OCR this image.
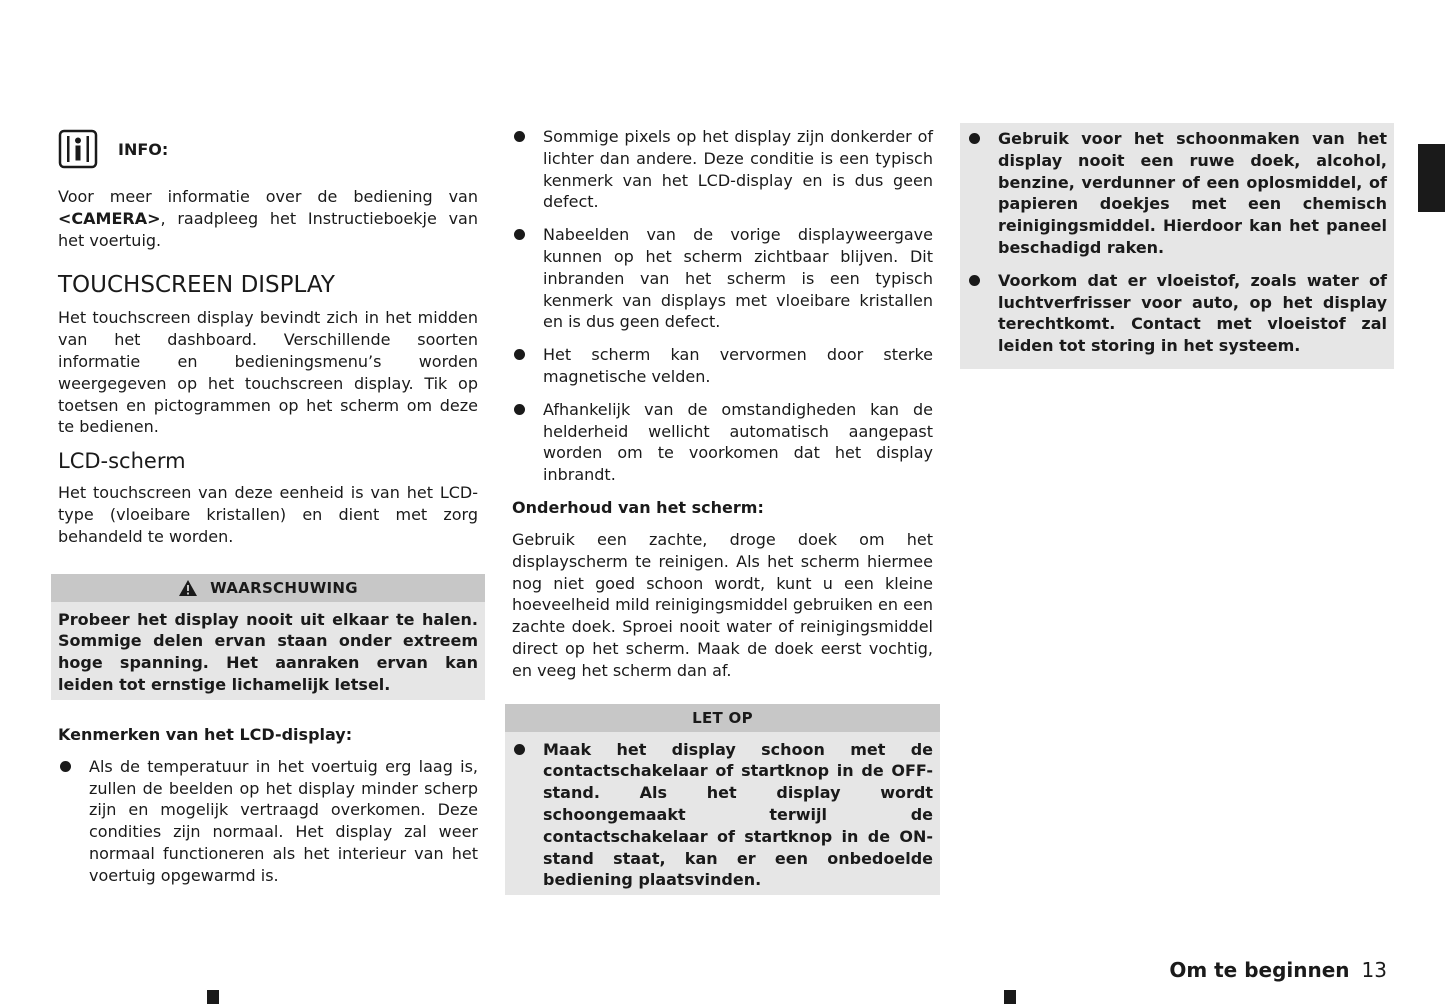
INFO:

Voor meer informatie over de bediening van <CAMERA>, raadpleeg het Instructieboekje van het voertuig.

TOUCHSCREEN DISPLAY

Het touchscreen display bevindt zich in het midden van het dashboard. Verschillende soorten informatie en bedieningsmenu’s worden weergegeven op het touchscreen display. Tik op toetsen en pictogrammen op het scherm om deze te bedienen.

LCD-scherm

Het touchscreen van deze eenheid is van het LCD-type (vloeibare kristallen) en dient met zorg behandeld te worden.

WAARSCHUWING

Probeer het display nooit uit elkaar te halen. Sommige delen ervan staan onder extreem hoge spanning. Het aanraken ervan kan leiden tot ernstige lichamelijk letsel.

Kenmerken van het LCD-display:

Als de temperatuur in het voertuig erg laag is, zullen de beelden op het display minder scherp zijn en mogelijk vertraagd overkomen. Deze condities zijn normaal. Het display zal weer normaal functioneren als het interieur van het voertuig opgewarmd is.

Sommige pixels op het display zijn donkerder of lichter dan andere. Deze conditie is een typisch kenmerk van het LCD-display en is dus geen defect.

Nabeelden van de vorige displayweergave kunnen op het scherm zichtbaar blijven. Dit inbranden van het scherm is een typisch kenmerk van displays met vloeibare kristallen en is dus geen defect.

Het scherm kan vervormen door sterke magnetische velden.

Afhankelijk van de omstandigheden kan de helderheid wellicht automatisch aangepast worden om te voorkomen dat het display inbrandt.

Onderhoud van het scherm:

Gebruik een zachte, droge doek om het displayscherm te reinigen. Als het scherm hiermee nog niet goed schoon wordt, kunt u een kleine hoeveelheid mild reinigingsmiddel gebruiken en een zachte doek. Sproei nooit water of reinigingsmiddel direct op het scherm. Maak de doek eerst vochtig, en veeg het scherm dan af.

LET OP

Maak het display schoon met de contactschakelaar of startknop in de OFF-stand. Als het display wordt schoongemaakt terwijl de contactschakelaar of startknop in de ON-stand staat, kan er een onbedoelde bediening plaatsvinden.

Gebruik voor het schoonmaken van het display nooit een ruwe doek, alcohol, benzine, verdunner of een oplosmiddel, of papieren doekjes met een chemisch reinigingsmiddel. Hierdoor kan het paneel beschadigd raken.

Voorkom dat er vloeistof, zoals water of luchtverfrisser voor auto, op het display terechtkomt. Contact met vloeistof zal leiden tot storing in het systeem.

Om te beginnen 13
